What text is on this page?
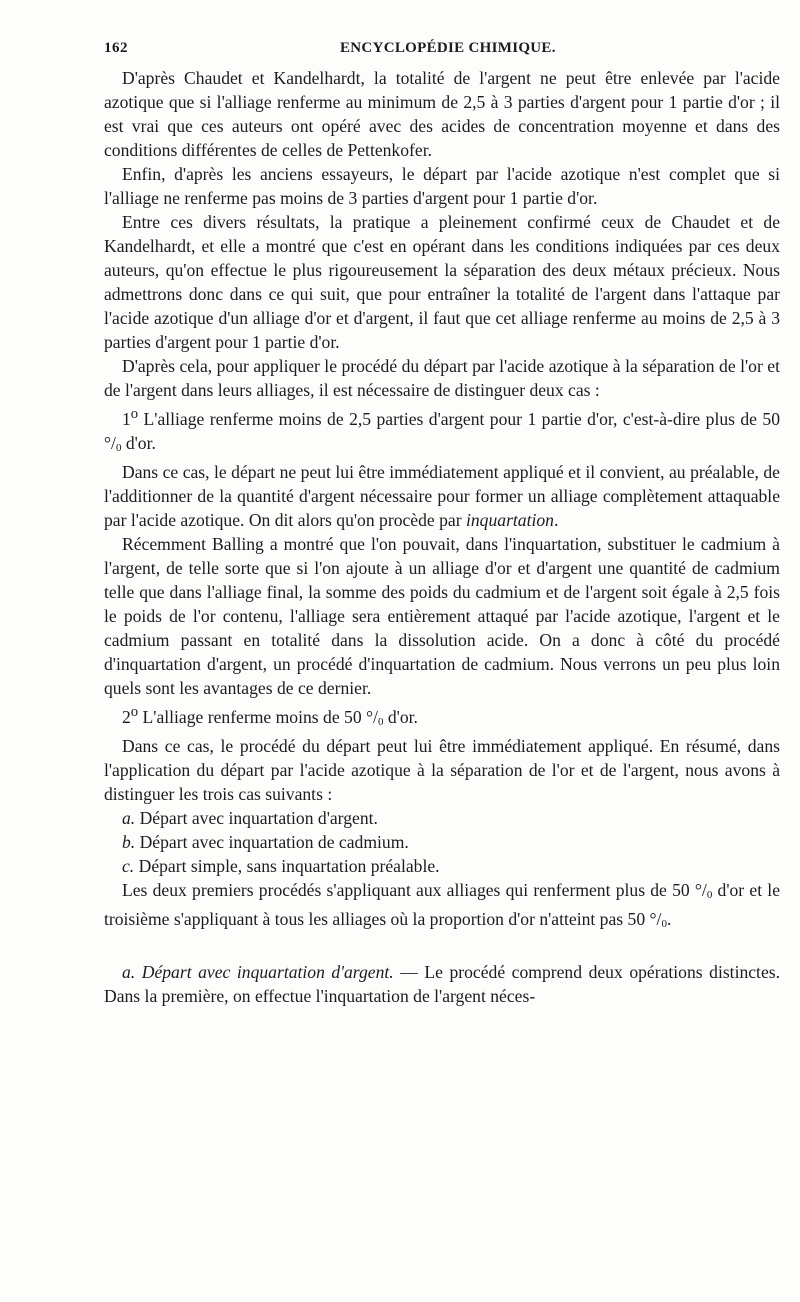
162	ENCYCLOPÉDIE CHIMIQUE.

D'après Chaudet et Kandelhardt, la totalité de l'argent ne peut être enlevée par l'acide azotique que si l'alliage renferme au minimum de 2,5 à 3 parties d'argent pour 1 partie d'or ; il est vrai que ces auteurs ont opéré avec des acides de concentration moyenne et dans des conditions différentes de celles de Pettenkofer.

Enfin, d'après les anciens essayeurs, le départ par l'acide azotique n'est complet que si l'alliage ne renferme pas moins de 3 parties d'argent pour 1 partie d'or.

Entre ces divers résultats, la pratique a pleinement confirmé ceux de Chaudet et de Kandelhardt, et elle a montré que c'est en opérant dans les conditions indiquées par ces deux auteurs, qu'on effectue le plus rigoureusement la séparation des deux métaux précieux. Nous admettrons donc dans ce qui suit, que pour entraîner la totalité de l'argent dans l'attaque par l'acide azotique d'un alliage d'or et d'argent, il faut que cet alliage renferme au moins de 2,5 à 3 parties d'argent pour 1 partie d'or.

D'après cela, pour appliquer le procédé du départ par l'acide azotique à la séparation de l'or et de l'argent dans leurs alliages, il est nécessaire de distinguer deux cas :

1$^o$ L'alliage renferme moins de 2,5 parties d'argent pour 1 partie d'or, c'est-à-dire plus de 50 $^\circ/_0$ d'or.

Dans ce cas, le départ ne peut lui être immédiatement appliqué et il convient, au préalable, de l'additionner de la quantité d'argent nécessaire pour former un alliage complètement attaquable par l'acide azotique. On dit alors qu'on procède par inquartation.

Récemment Balling a montré que l'on pouvait, dans l'inquartation, substituer le cadmium à l'argent, de telle sorte que si l'on ajoute à un alliage d'or et d'argent une quantité de cadmium telle que dans l'alliage final, la somme des poids du cadmium et de l'argent soit égale à 2,5 fois le poids de l'or contenu, l'alliage sera entièrement attaqué par l'acide azotique, l'argent et le cadmium passant en totalité dans la dissolution acide. On a donc à côté du procédé d'inquartation d'argent, un procédé d'inquartation de cadmium. Nous verrons un peu plus loin quels sont les avantages de ce dernier.

2$^o$ L'alliage renferme moins de 50 $^\circ/_0$ d'or.

Dans ce cas, le procédé du départ peut lui être immédiatement appliqué. En résumé, dans l'application du départ par l'acide azotique à la séparation de l'or et de l'argent, nous avons à distinguer les trois cas suivants :

a. Départ avec inquartation d'argent.

b. Départ avec inquartation de cadmium.

c. Départ simple, sans inquartation préalable.

Les deux premiers procédés s'appliquant aux alliages qui renferment plus de 50 $^\circ/_0$ d'or et le troisième s'appliquant à tous les alliages où la proportion d'or n'atteint pas 50 $^\circ/_0$.

a. Départ avec inquartation d'argent. — Le procédé comprend deux opérations distinctes. Dans la première, on effectue l'inquartation de l'argent néces-
